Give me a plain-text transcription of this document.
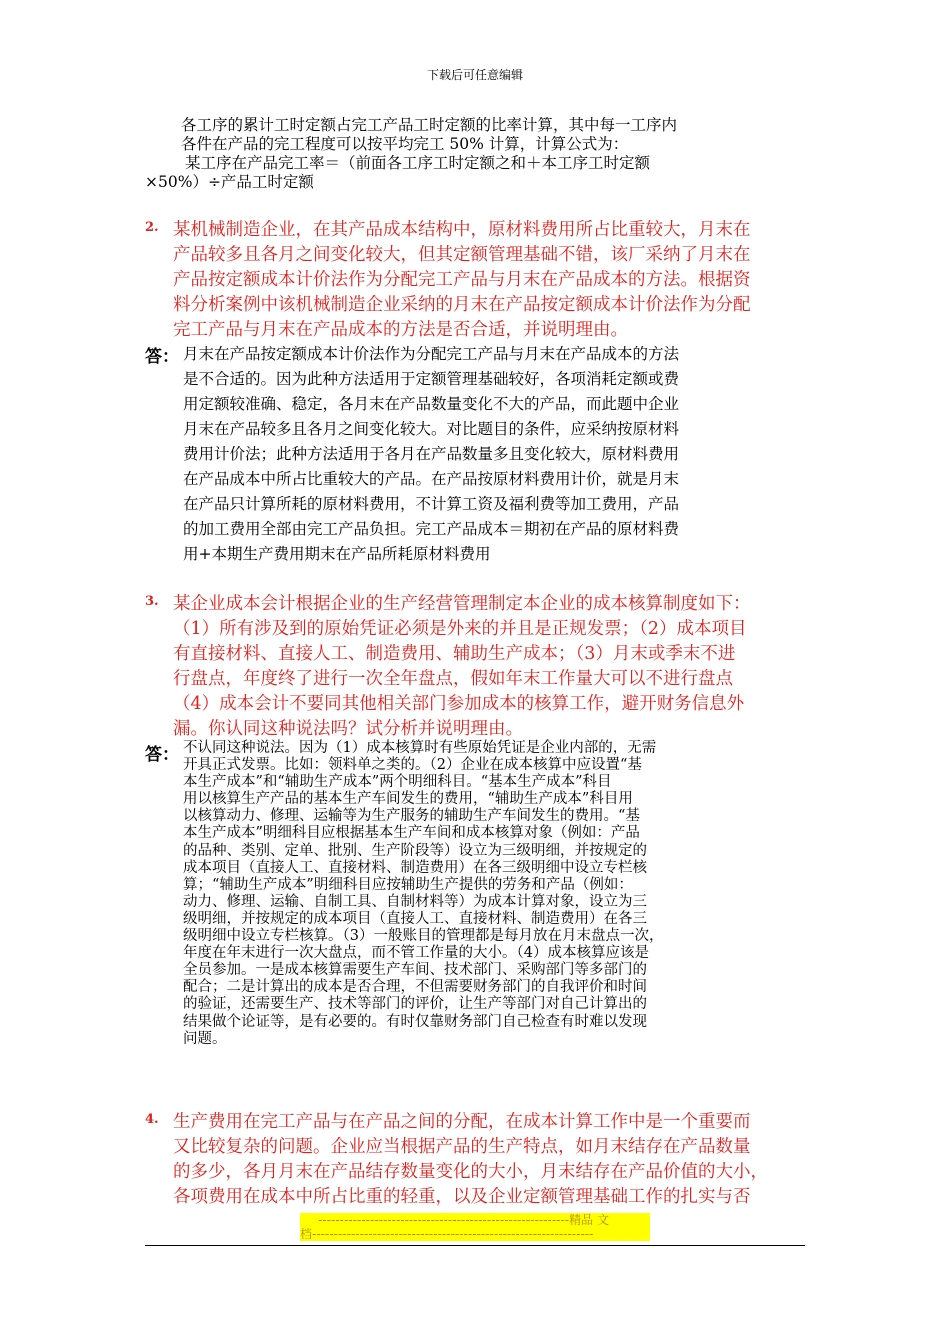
下载后可任意编辑
各工序的累计工时定额占完工产品工时定额的比率计算，其中每一工序内
各件在产品的完工程度可以按平均完工 50% 计算，计算公式为：
某工序在产品完工率＝（前面各工序工时定额之和＋本工序工时定额
×50%）÷产品工时定额
2. 某机械制造企业，在其产品成本结构中，原材料费用所占比重较大，月末在
产品较多且各月之间变化较大，但其定额管理基础不错，该厂采纳了月末在
产品按定额成本计价法作为分配完工产品与月末在产品成本的方法。根据资
料分析案例中该机械制造企业采纳的月末在产品按定额成本计价法作为分配
完工产品与月末在产品成本的方法是否合适，并说明理由。
答： 月末在产品按定额成本计价法作为分配完工产品与月末在产品成本的方法
是不合适的。因为此种方法适用于定额管理基础较好，各项消耗定额或费
用定额较准确、稳定，各月末在产品数量变化不大的产品，而此题中企业
月末在产品较多且各月之间变化较大。对比题目的条件，应采纳按原材料
费用计价法；此种方法适用于各月在产品数量多且变化较大，原材料费用
在产品成本中所占比重较大的产品。在产品按原材料费用计价，就是月末
在产品只计算所耗的原材料费用，不计算工资及福利费等加工费用，产品
的加工费用全部由完工产品负担。完工产品成本＝期初在产品的原材料费
用+本期生产费用期末在产品所耗原材料费用
3. 某企业成本会计根据企业的生产经营管理制定本企业的成本核算制度如下：
（1）所有涉及到的原始凭证必须是外来的并且是正规发票；（2）成本项目
有直接材料、直接人工、制造费用、辅助生产成本；（3）月末或季末不进
行盘点，年度终了进行一次全年盘点，假如年末工作量大可以不进行盘点
（4）成本会计不要同其他相关部门参加成本的核算工作，避开财务信息外
漏。你认同这种说法吗？试分析并说明理由。
答： 不认同这种说法。因为（1）成本核算时有些原始凭证是企业内部的，无需
开具正式发票。比如：领料单之类的。（2）企业在成本核算中应设置“基
本生产成本”和“辅助生产成本”两个明细科目。“基本生产成本”科目
用以核算生产产品的基本生产车间发生的费用，“辅助生产成本”科目用
以核算动力、修理、运输等为生产服务的辅助生产车间发生的费用。“基
本生产成本”明细科目应根据基本生产车间和成本核算对象（例如：产品
的品种、类别、定单、批别、生产阶段等）设立为三级明细，并按规定的
成本项目（直接人工、直接材料、制造费用）在各三级明细中设立专栏核
算；“辅助生产成本”明细科目应按辅助生产提供的劳务和产品（例如：
动力、修理、运输、自制工具、自制材料等）为成本计算对象，设立为三
级明细，并按规定的成本项目（直接人工、直接材料、制造费用）在各三
级明细中设立专栏核算。（3）一般账目的管理都是每月放在月末盘点一次，
年度在年末进行一次大盘点，而不管工作量的大小。（4）成本核算应该是
全员参加。一是成本核算需要生产车间、技术部门、采购部门等多部门的
配合；二是计算出的成本是否合理，不但需要财务部门的自我评价和时间
的验证，还需要生产、技术等部门的评价，让生产等部门对自己计算出的
结果做个论证等，是有必要的。有时仅靠财务部门自己检查有时难以发现
问题。
4. 生产费用在完工产品与在产品之间的分配，在成本计算工作中是一个重要而
又比较复杂的问题。企业应当根据产品的生产特点，如月末结存在产品数量
的多少，各月月末在产品结存数量变化的大小，月末结存在产品价值的大小，
各项费用在成本中所占比重的轻重，以及企业定额管理基础工作的扎实与否
----------------------------------------------------------精品 文
档-----------------------------------------------------------------
